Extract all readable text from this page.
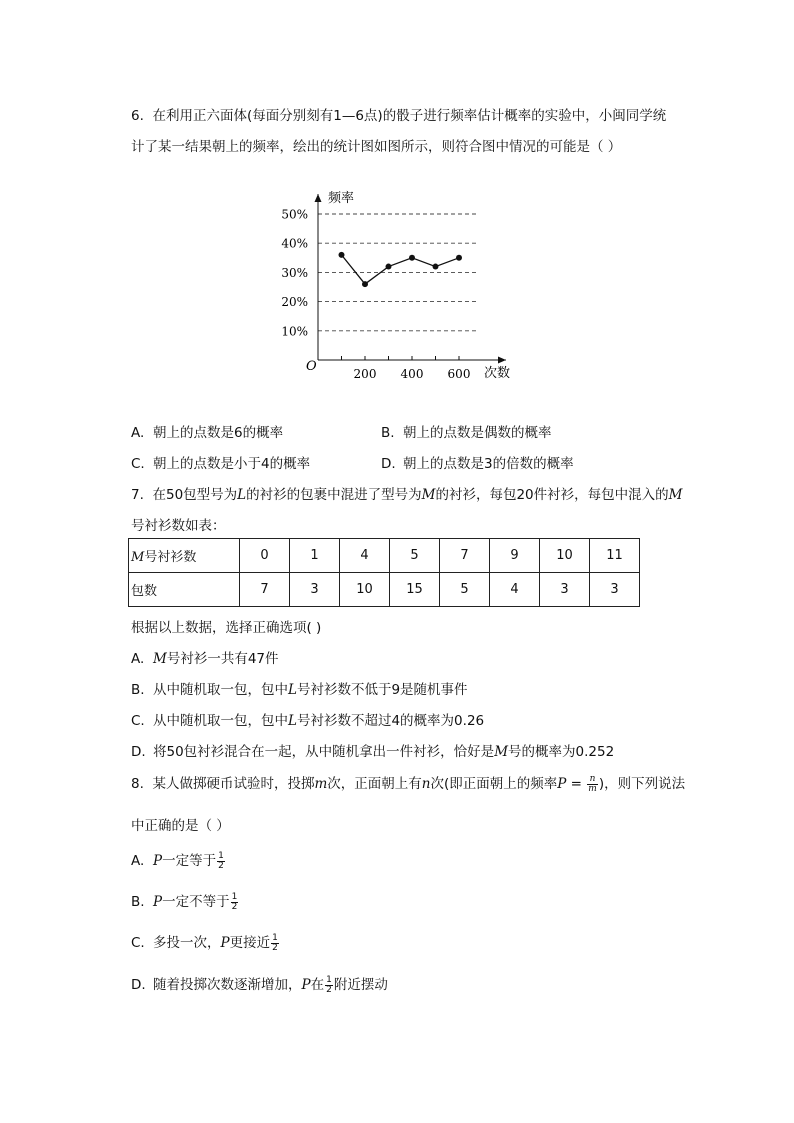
6. 在利用正六面体(每面分别刻有1—6点)的骰子进行频率估计概率的实验中，小闽同学统
计了某一结果朝上的频率，绘出的统计图如图所示，则符合图中情况的可能是（ ）
频率
次数
O
10%
20%
30%
40%
50%
200 400 600
A. 朝上的点数是6的概率	B. 朝上的点数是偶数的概率
C. 朝上的点数是小于4的概率	D. 朝上的点数是3的倍数的概率
7. 在50包型号为L的衬衫的包裹中混进了型号为M的衬衫，每包20件衬衫，每包中混入的M
号衬衫数如表：
M号衬衫数	0	1	4	5	7	9	10	11
包数	7	3	10	15	5	4	3	3
根据以上数据，选择正确选项( )
A. M号衬衫一共有47件
B. 从中随机取一包，包中L号衬衫数不低于9是随机事件
C. 从中随机取一包，包中L号衬衫数不超过4的概率为0.26
D. 将50包衬衫混合在一起，从中随机拿出一件衬衫，恰好是M号的概率为0.252
8. 某人做掷硬币试验时，投掷m次，正面朝上有n次(即正面朝上的频率$P = \frac{n}{m}$ )，则下列说法
中正确的是（ ）
A. P一定等于 $\frac{1}{2}$
B. P一定不等于 $\frac{1}{2}$
C. 多投一次，P更接近 $\frac{1}{2}$
D. 随着投掷次数逐渐增加，P在 $\frac{1}{2}$ 附近摆动
